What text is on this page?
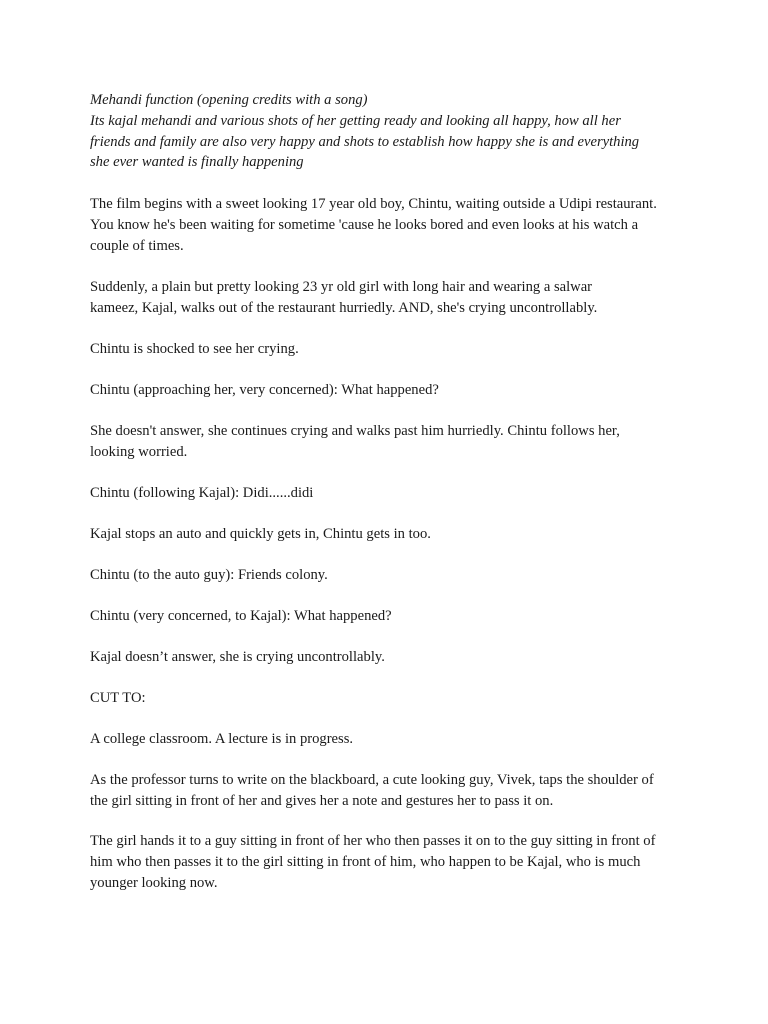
Mehandi function (opening credits with a song)
Its kajal mehandi and various shots of her getting ready and looking all happy, how all her
friends and family are also very happy and shots to establish how happy she is and everything
she ever wanted is finally happening
The film begins with a sweet looking 17 year old boy, Chintu, waiting outside a Udipi restaurant.
You know he's been waiting for sometime 'cause he looks bored and even looks at his watch a
couple of times.
Suddenly, a plain but pretty looking 23 yr old girl with long hair and wearing a salwar
kameez, Kajal, walks out of the restaurant hurriedly. AND, she's crying uncontrollably.
Chintu is shocked to see her crying.
Chintu (approaching her, very concerned): What happened?
She doesn't answer, she continues crying and walks past him hurriedly. Chintu follows her,
looking worried.
Chintu (following Kajal): Didi......didi
Kajal stops an auto and quickly gets in, Chintu gets in too.
Chintu (to the auto guy): Friends colony.
Chintu (very concerned, to Kajal): What happened?
Kajal doesn’t answer, she is crying uncontrollably.
CUT TO:
A college classroom. A lecture is in progress.
As the professor turns to write on the blackboard, a cute looking guy, Vivek, taps the shoulder of
the girl sitting in front of her and gives her a note and gestures her to pass it on.
The girl hands it to a guy sitting in front of her who then passes it on to the guy sitting in front of
him who then passes it to the girl sitting in front of him, who happen to be Kajal, who is much
younger looking now.
